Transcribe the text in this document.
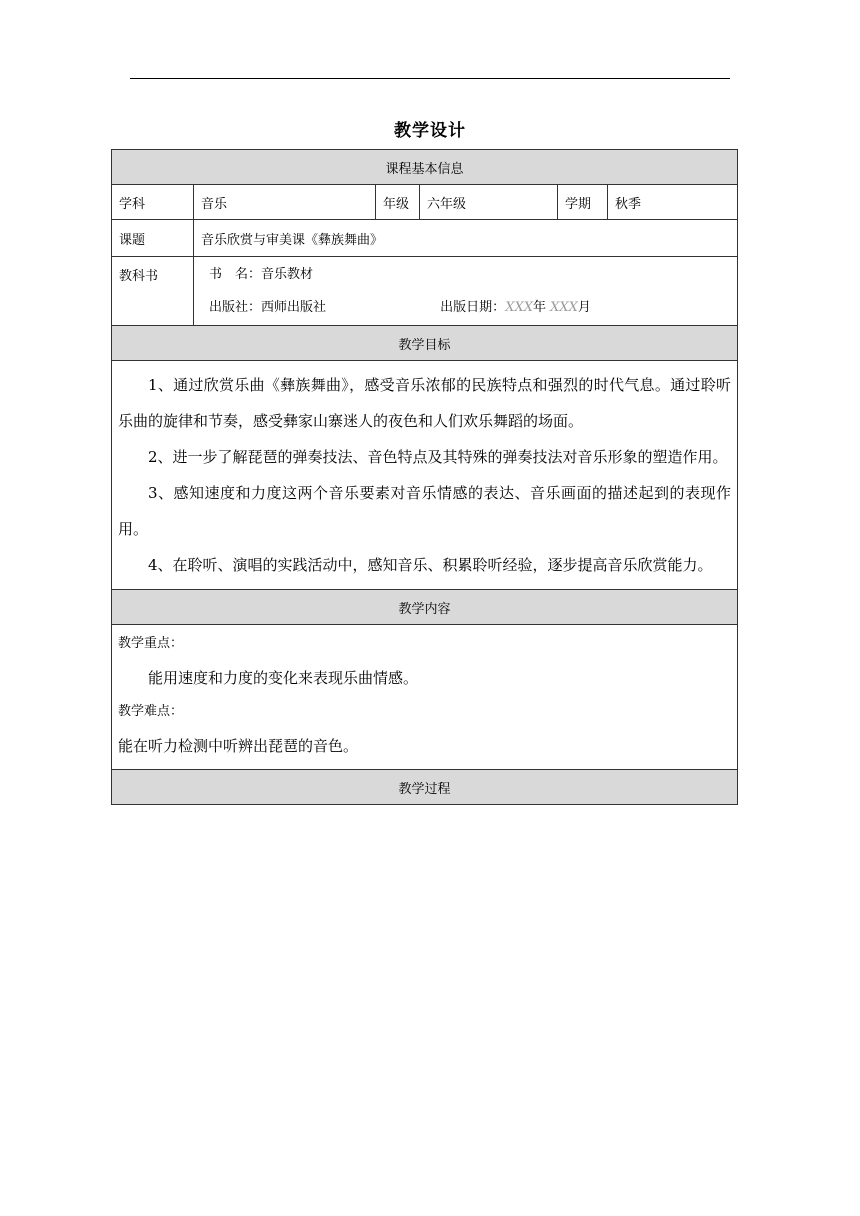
教学设计
课程基本信息					
学科	音乐	年级	六年级	学期	秋季
课题	音乐欣赏与审美课《彝族舞曲》				
教科书	书　名：音乐教材
出版社：西师出版社 出版日期：XXX年 XXX月				

教学目标					

1、通过欣赏乐曲《彝族舞曲》，感受音乐浓郁的民族特点和强烈的时代气息。通过聆听乐曲的旋律和节奏，感受彝家山寨迷人的夜色和人们欢乐舞蹈的场面。

2、进一步了解琵琶的弹奏技法、音色特点及其特殊的弹奏技法对音乐形象的塑造作用。

3、感知速度和力度这两个音乐要素对音乐情感的表达、音乐画面的描述起到的表现作用。

4、在聆听、演唱的实践活动中，感知音乐、积累聆听经验，逐步提高音乐欣赏能力。					

教学内容					

教学重点：
能用速度和力度的变化来表现乐曲情感。
教学难点：
能在听力检测中听辨出琵琶的音色。					

教学过程					
